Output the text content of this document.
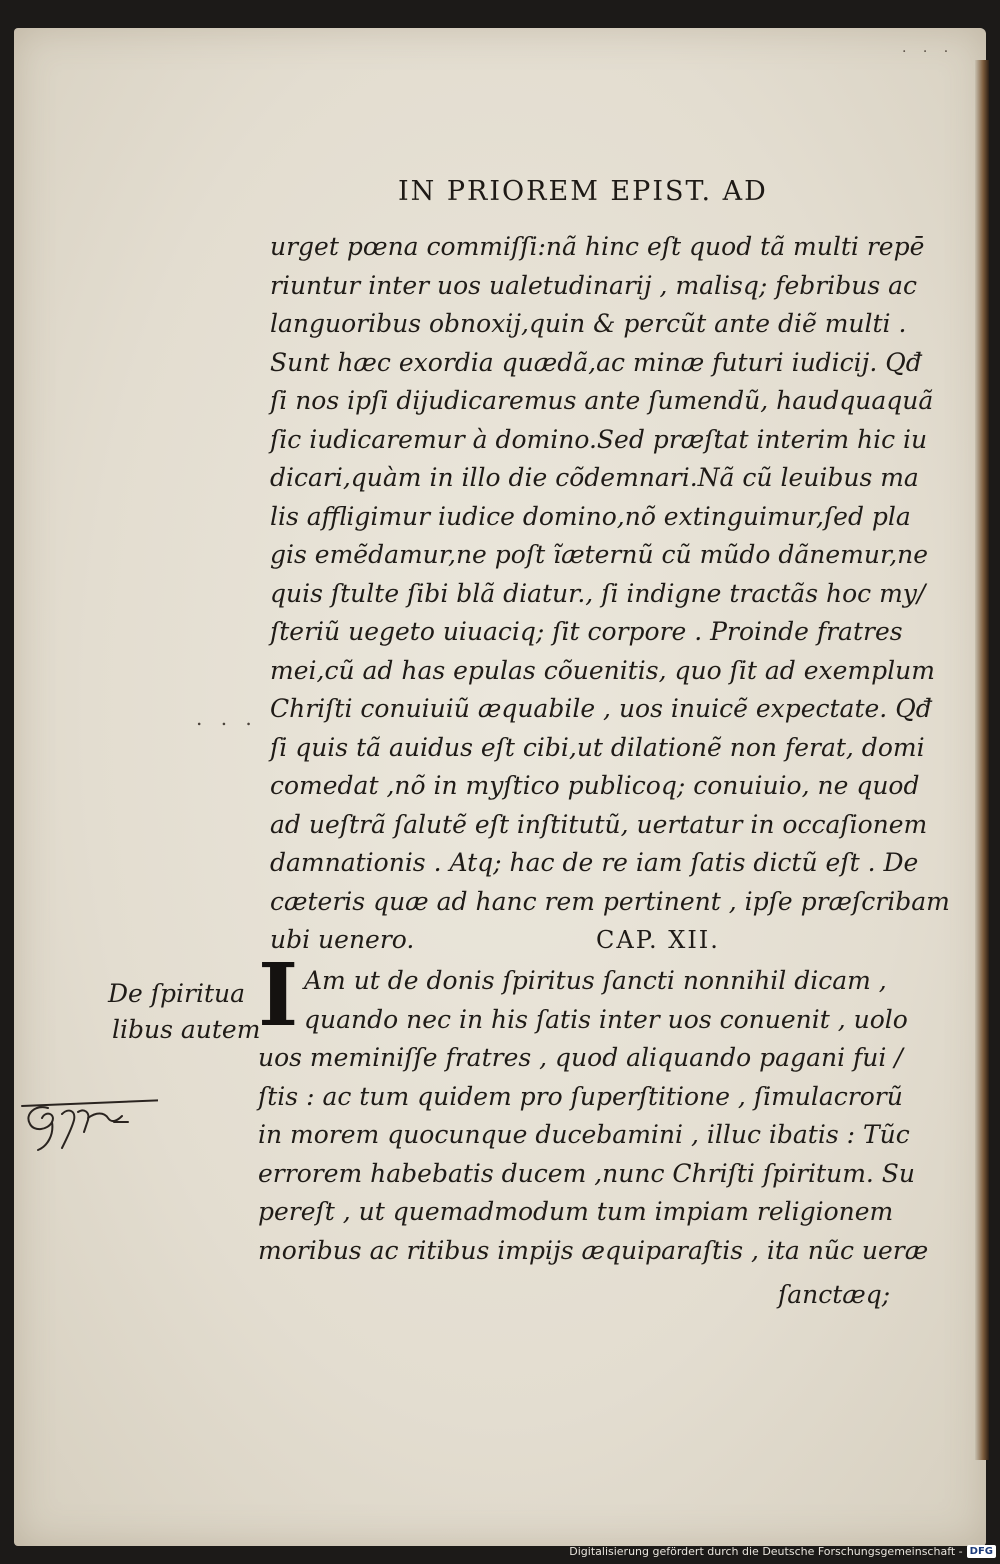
· · ·
IN PRIOREM EPIST. AD
urget pœna commiſſi:nã hinc eſt quod tã multi repē
riuntur inter uos ualetudinarij , malisq; febribus ac
languoribus obnoxij,quin & percũt ante diẽ multi .
Sunt hæc exordia quædã,ac minæ futuri iudicij. Qđ
ſi nos ipſi dijudicaremus ante ſumendũ, haudquaquã
ſic iudicaremur à domino.Sed præſtat interim hic iu
dicari,quàm in illo die cõdemnari.Nã cũ leuibus ma
lis affligimur iudice domino,nõ extinguimur,ſed pla
gis emẽdamur,ne poſt ĩæternũ cũ mũdo dãnemur,ne
quis ſtulte ſibi blã diatur., ſi indigne tractãs hoc my/
ſteriũ uegeto uiuaciq; ſit corpore . Proinde fratres
mei,cũ ad has epulas cõuenitis, quo ſit ad exemplum
Chriſti conuiuiũ æquabile , uos inuicẽ expectate. Qđ
ſi quis tã auidus eſt cibi,ut dilationẽ non ferat, domi
comedat ,nõ in myſtico publicoq; conuiuio, ne quod
ad ueſtrã ſalutẽ eſt inſtitutũ, uertatur in occaſionem
damnationis . Atq; hac de re iam ſatis dictũ eſt . De
cæteris quæ ad hanc rem pertinent , ipſe præſcribam
ubi uenero.	CAP. XII.
. . .
I Am ut de donis ſpiritus ſancti nonnihil dicam ,
quando nec in his ſatis inter uos conuenit , uolo
uos meminiſſe fratres , quod aliquando pagani fui /
ſtis : ac tum quidem pro ſuperſtitione , ſimulacrorũ
in morem quocunque ducebamini , illuc ibatis : Tũc
errorem habebatis ducem ,nunc Chriſti ſpiritum. Su
pereſt , ut quemadmodum tum impiam religionem
moribus ac ritibus impijs æquiparaſtis , ita nũc ueræ
ſanctæq;
De ſpiritua
libus autem
Digitalisierung gefördert durch die Deutsche Forschungsgemeinschaft - DFG
